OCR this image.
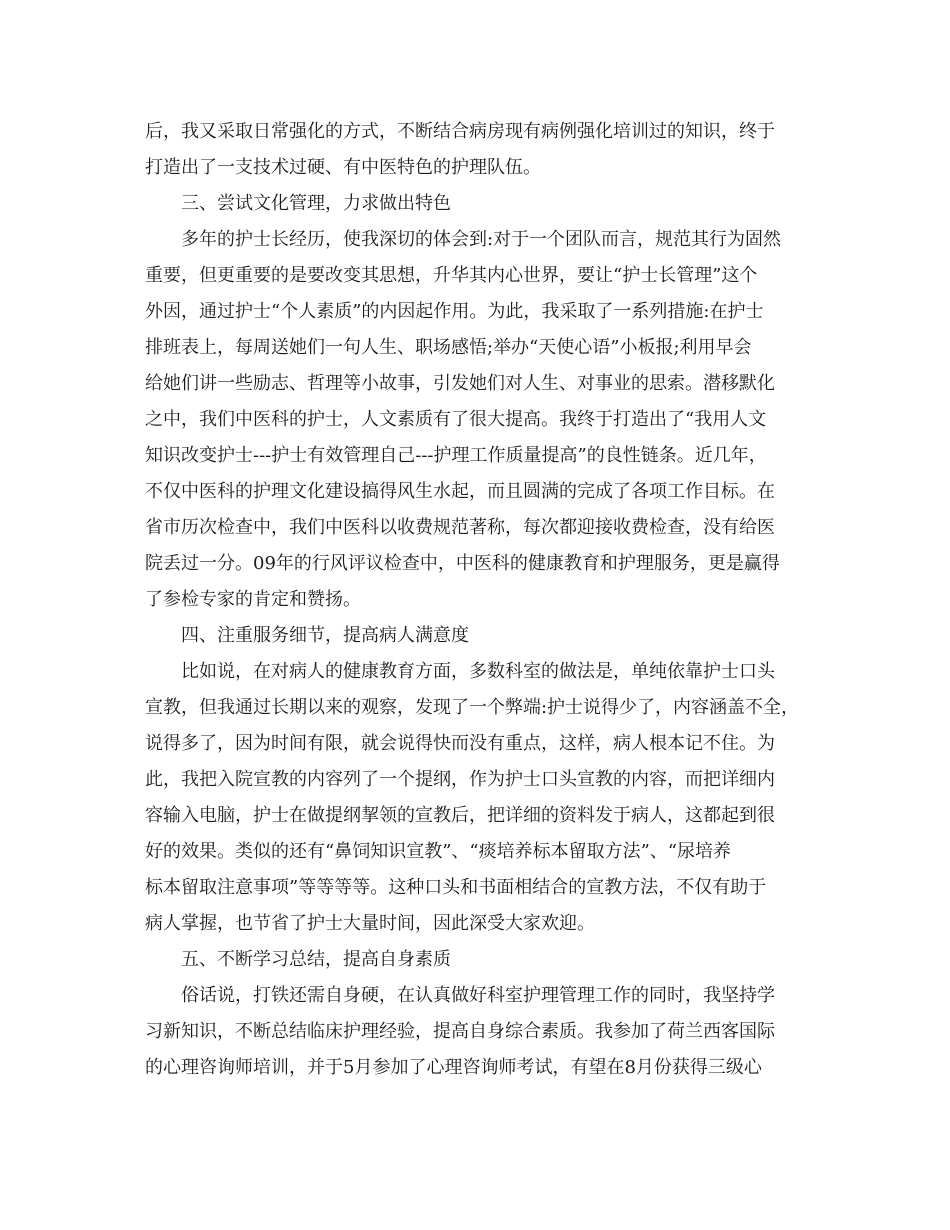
后，我又采取日常强化的方式，不断结合病房现有病例强化培训过的知识，终于
打造出了一支技术过硬、有中医特色的护理队伍。
三、尝试文化管理，力求做出特色
多年的护士长经历，使我深切的体会到:对于一个团队而言，规范其行为固然
重要，但更重要的是要改变其思想，升华其内心世界，要让“护士长管理”这个
外因，通过护士“个人素质”的内因起作用。为此，我采取了一系列措施:在护士
排班表上，每周送她们一句人生、职场感悟;举办“天使心语”小板报;利用早会
给她们讲一些励志、哲理等小故事，引发她们对人生、对事业的思索。潜移默化
之中，我们中医科的护士，人文素质有了很大提高。我终于打造出了“我用人文
知识改变护士---护士有效管理自己---护理工作质量提高”的良性链条。近几年，
不仅中医科的护理文化建设搞得风生水起，而且圆满的完成了各项工作目标。在
省市历次检查中，我们中医科以收费规范著称，每次都迎接收费检查，没有给医
院丢过一分。09年的行风评议检查中，中医科的健康教育和护理服务，更是赢得
了参检专家的肯定和赞扬。
四、注重服务细节，提高病人满意度
比如说，在对病人的健康教育方面，多数科室的做法是，单纯依靠护士口头
宣教，但我通过长期以来的观察，发现了一个弊端:护士说得少了，内容涵盖不全，
说得多了，因为时间有限，就会说得快而没有重点，这样，病人根本记不住。为
此，我把入院宣教的内容列了一个提纲，作为护士口头宣教的内容，而把详细内
容输入电脑，护士在做提纲挈领的宣教后，把详细的资料发于病人，这都起到很
好的效果。类似的还有“鼻饲知识宣教”、“痰培养标本留取方法”、“尿培养
标本留取注意事项”等等等等。这种口头和书面相结合的宣教方法，不仅有助于
病人掌握，也节省了护士大量时间，因此深受大家欢迎。
五、不断学习总结，提高自身素质
俗话说，打铁还需自身硬，在认真做好科室护理管理工作的同时，我坚持学
习新知识，不断总结临床护理经验，提高自身综合素质。我参加了荷兰西客国际
的心理咨询师培训，并于5月参加了心理咨询师考试，有望在8月份获得三级心
